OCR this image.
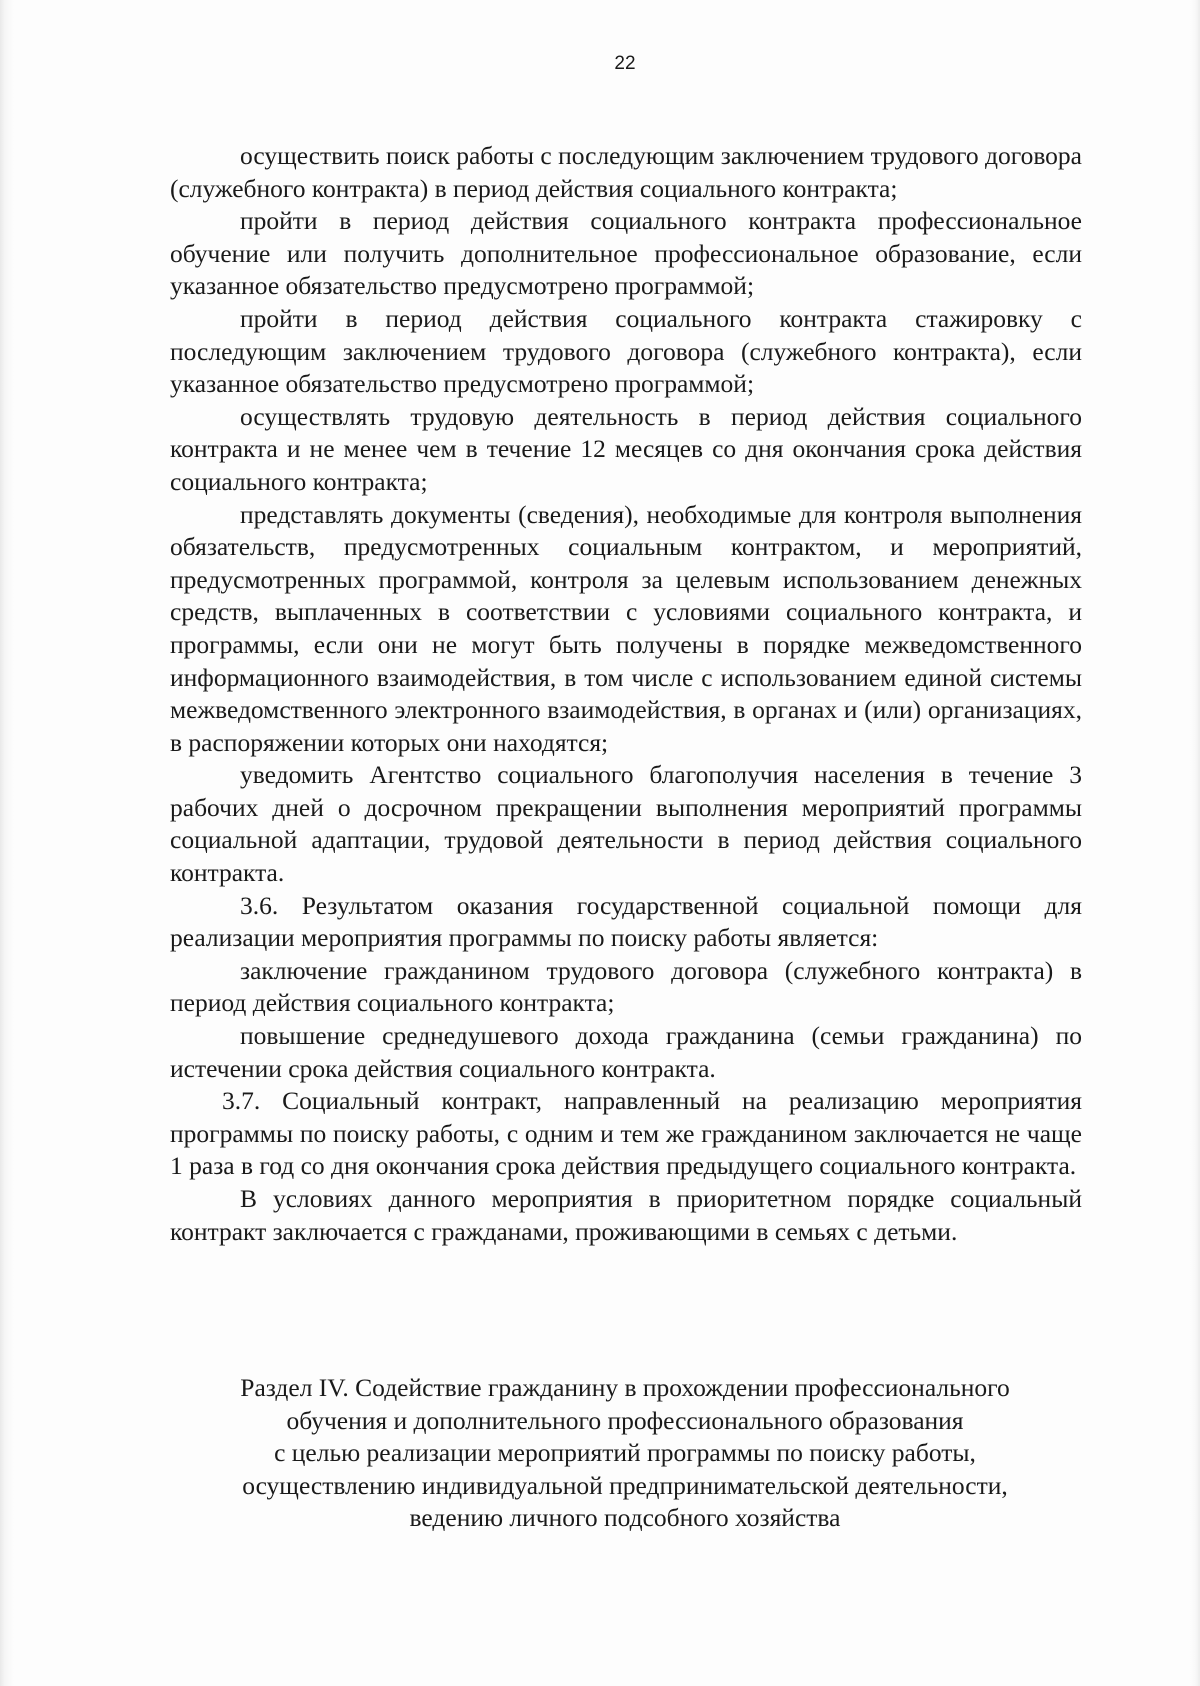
22

осуществить поиск работы с последующим заключением трудового договора (служебного контракта) в период действия социального контракта;

пройти в период действия социального контракта профессиональное обучение или получить дополнительное профессиональное образование, если указанное обязательство предусмотрено программой;

пройти в период действия социального контракта стажировку с последующим заключением трудового договора (служебного контракта), если указанное обязательство предусмотрено программой;

осуществлять трудовую деятельность в период действия социального контракта и не менее чем в течение 12 месяцев со дня окончания срока действия социального контракта;

представлять документы (сведения), необходимые для контроля выполнения обязательств, предусмотренных социальным контрактом, и мероприятий, предусмотренных программой, контроля за целевым использованием денежных средств, выплаченных в соответствии с условиями социального контракта, и программы, если они не могут быть получены в порядке межведомственного информационного взаимодействия, в том числе с использованием единой системы межведомственного электронного взаимодействия, в органах и (или) организациях, в распоряжении которых они находятся;

уведомить Агентство социального благополучия населения в течение 3 рабочих дней о досрочном прекращении выполнения мероприятий программы социальной адаптации, трудовой деятельности в период действия социального контракта.

3.6. Результатом оказания государственной социальной помощи для реализации мероприятия программы по поиску работы является:

заключение гражданином трудового договора (служебного контракта) в период действия социального контракта;

повышение среднедушевого дохода гражданина (семьи гражданина) по истечении срока действия социального контракта.

3.7. Социальный контракт, направленный на реализацию мероприятия программы по поиску работы, с одним и тем же гражданином заключается не чаще 1 раза в год со дня окончания срока действия предыдущего социального контракта.

В условиях данного мероприятия в приоритетном порядке социальный контракт заключается с гражданами, проживающими в семьях с детьми.

Раздел IV. Содействие гражданину в прохождении профессионального
обучения и дополнительного профессионального образования
с целью реализации мероприятий программы по поиску работы,
осуществлению индивидуальной предпринимательской деятельности,
ведению личного подсобного хозяйства
